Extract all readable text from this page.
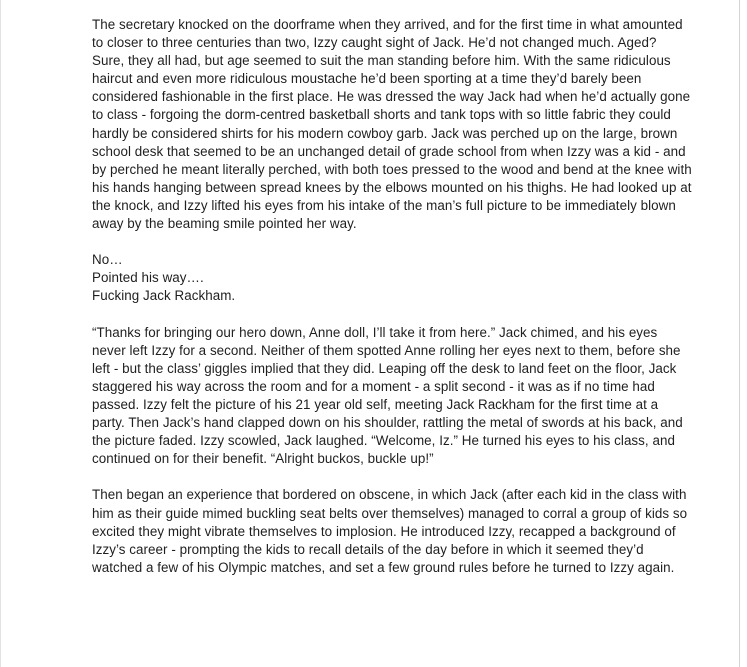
The secretary knocked on the doorframe when they arrived, and for the first time in what amounted to closer to three centuries than two, Izzy caught sight of Jack. He’d not changed much. Aged? Sure, they all had, but age seemed to suit the man standing before him. With the same ridiculous haircut and even more ridiculous moustache he’d been sporting at a time they’d barely been considered fashionable in the first place. He was dressed the way Jack had when he’d actually gone to class - forgoing the dorm-centred basketball shorts and tank tops with so little fabric they could hardly be considered shirts for his modern cowboy garb. Jack was perched up on the large, brown school desk that seemed to be an unchanged detail of grade school from when Izzy was a kid - and by perched he meant literally perched, with both toes pressed to the wood and bend at the knee with his hands hanging between spread knees by the elbows mounted on his thighs. He had looked up at the knock, and Izzy lifted his eyes from his intake of the man’s full picture to be immediately blown away by the beaming smile pointed her way.

No…
Pointed his way….
Fucking Jack Rackham.

“Thanks for bringing our hero down, Anne doll, I’ll take it from here.” Jack chimed, and his eyes never left Izzy for a second. Neither of them spotted Anne rolling her eyes next to them, before she left - but the class’ giggles implied that they did. Leaping off the desk to land feet on the floor, Jack staggered his way across the room and for a moment - a split second - it was as if no time had passed. Izzy felt the picture of his 21 year old self, meeting Jack Rackham for the first time at a party. Then Jack’s hand clapped down on his shoulder, rattling the metal of swords at his back, and the picture faded. Izzy scowled, Jack laughed. “Welcome, Iz.” He turned his eyes to his class, and continued on for their benefit. “Alright buckos, buckle up!”

Then began an experience that bordered on obscene, in which Jack (after each kid in the class with him as their guide mimed buckling seat belts over themselves) managed to corral a group of kids so excited they might vibrate themselves to implosion. He introduced Izzy, recapped a background of Izzy’s career - prompting the kids to recall details of the day before in which it seemed they’d watched a few of his Olympic matches, and set a few ground rules before he turned to Izzy again.
